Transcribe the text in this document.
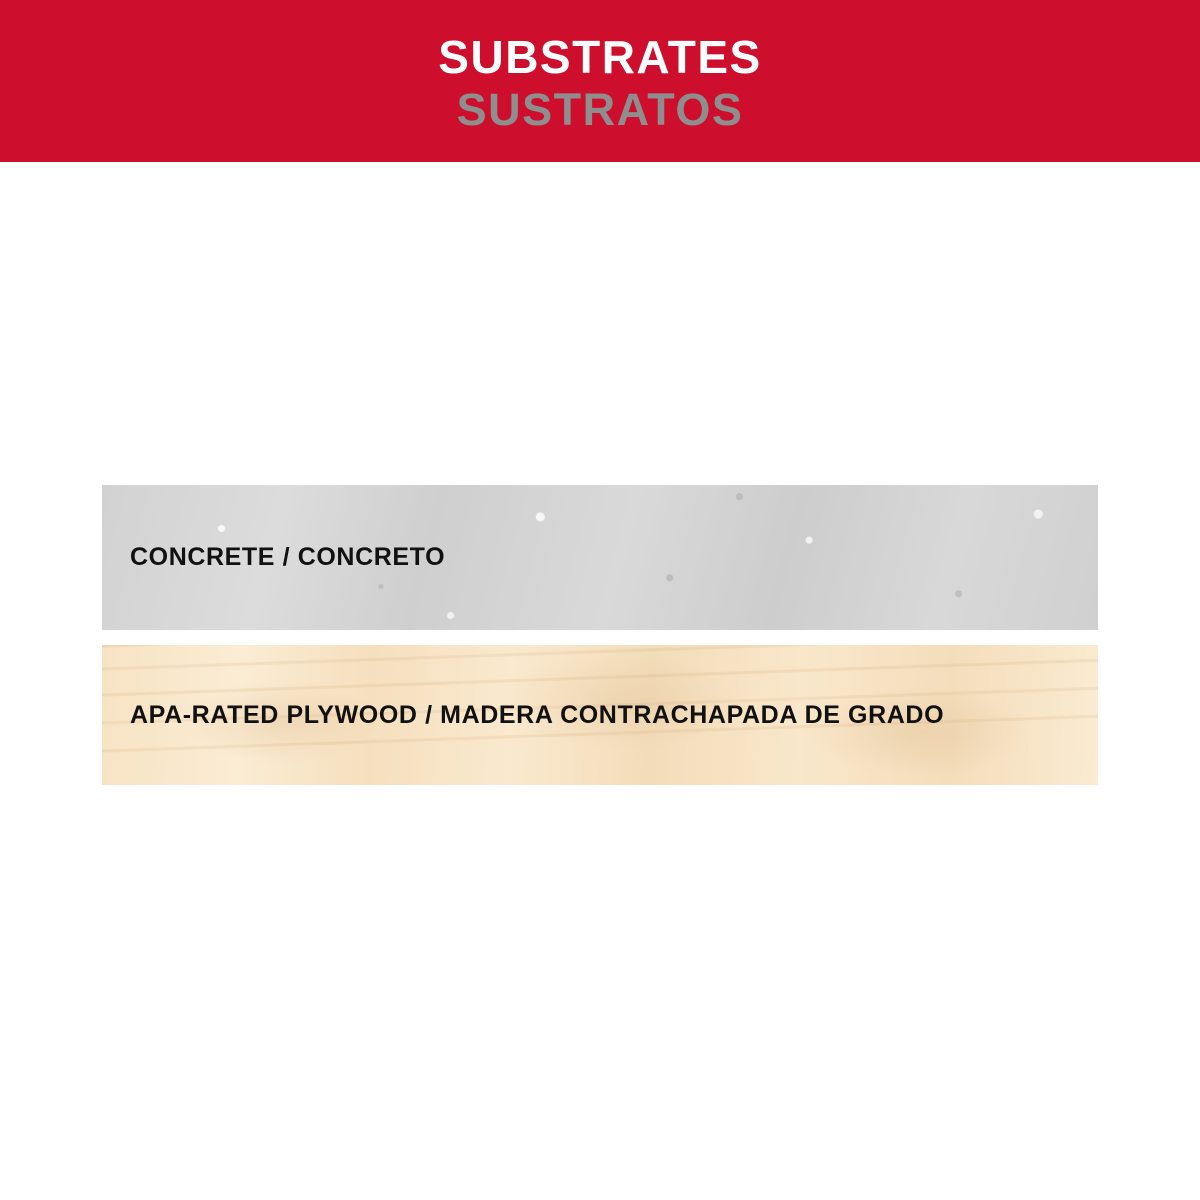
SUBSTRATES
SUSTRATOS
CONCRETE / CONCRETO
APA-RATED PLYWOOD / MADERA CONTRACHAPADA DE GRADO
